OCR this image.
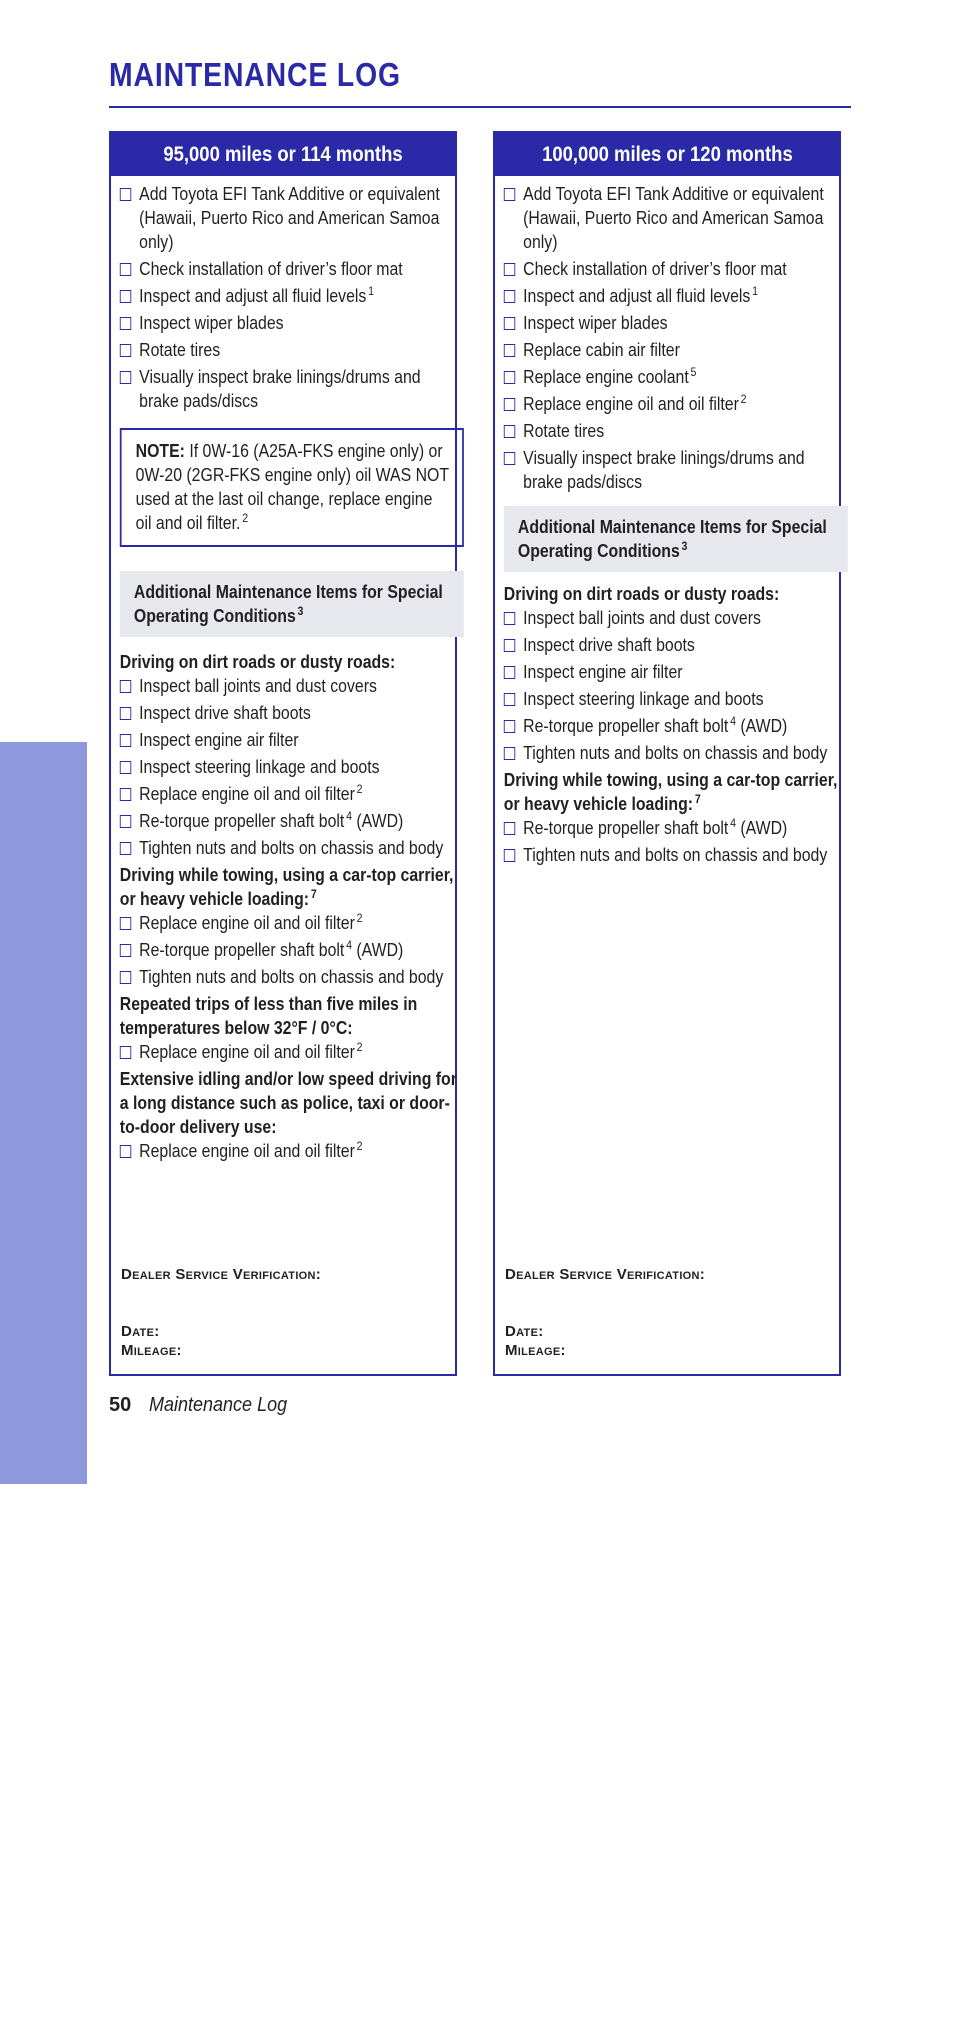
MAINTENANCE LOG
MAINTENANCE
50 Maintenance Log
95,000 miles or 114 months
Add Toyota EFI Tank Additive or equivalent (Hawaii, Puerto Rico and American Samoa only)
Check installation of driver’s floor mat
Inspect and adjust all fluid levels $^1$
Inspect wiper blades
Rotate tires
Visually inspect brake linings/drums and brake pads/discs
NOTE: If 0W-16 (A25A-FKS engine only) or 0W-20 (2GR-FKS engine only) oil WAS NOT used at the last oil change, replace engine oil and oil filter. $^2$
Additional Maintenance Items for Special Operating Conditions $^3$
Driving on dirt roads or dusty roads:
Inspect ball joints and dust covers
Inspect drive shaft boots
Inspect engine air filter
Inspect steering linkage and boots
Replace engine oil and oil filter $^2$
Re-torque propeller shaft bolt $^4$ (AWD)
Tighten nuts and bolts on chassis and body
Driving while towing, using a car-top carrier, or heavy vehicle loading: $^7$
Replace engine oil and oil filter $^2$
Re-torque propeller shaft bolt $^4$ (AWD)
Tighten nuts and bolts on chassis and body
Repeated trips of less than five miles in temperatures below 32°F / 0°C:
Replace engine oil and oil filter $^2$
Extensive idling and/or low speed driving for a long distance such as police, taxi or door-to-door delivery use:
Replace engine oil and oil filter $^2$
Dealer Service Verification:
Date:
Mileage:
100,000 miles or 120 months
Add Toyota EFI Tank Additive or equivalent (Hawaii, Puerto Rico and American Samoa only)
Check installation of driver’s floor mat
Inspect and adjust all fluid levels $^1$
Inspect wiper blades
Replace cabin air filter
Replace engine coolant $^5$
Replace engine oil and oil filter $^2$
Rotate tires
Visually inspect brake linings/drums and brake pads/discs
Additional Maintenance Items for Special Operating Conditions $^3$
Driving on dirt roads or dusty roads:
Inspect ball joints and dust covers
Inspect drive shaft boots
Inspect engine air filter
Inspect steering linkage and boots
Re-torque propeller shaft bolt $^4$ (AWD)
Tighten nuts and bolts on chassis and body
Driving while towing, using a car-top carrier, or heavy vehicle loading: $^7$
Re-torque propeller shaft bolt $^4$ (AWD)
Tighten nuts and bolts on chassis and body
Dealer Service Verification:
Date:
Mileage:
